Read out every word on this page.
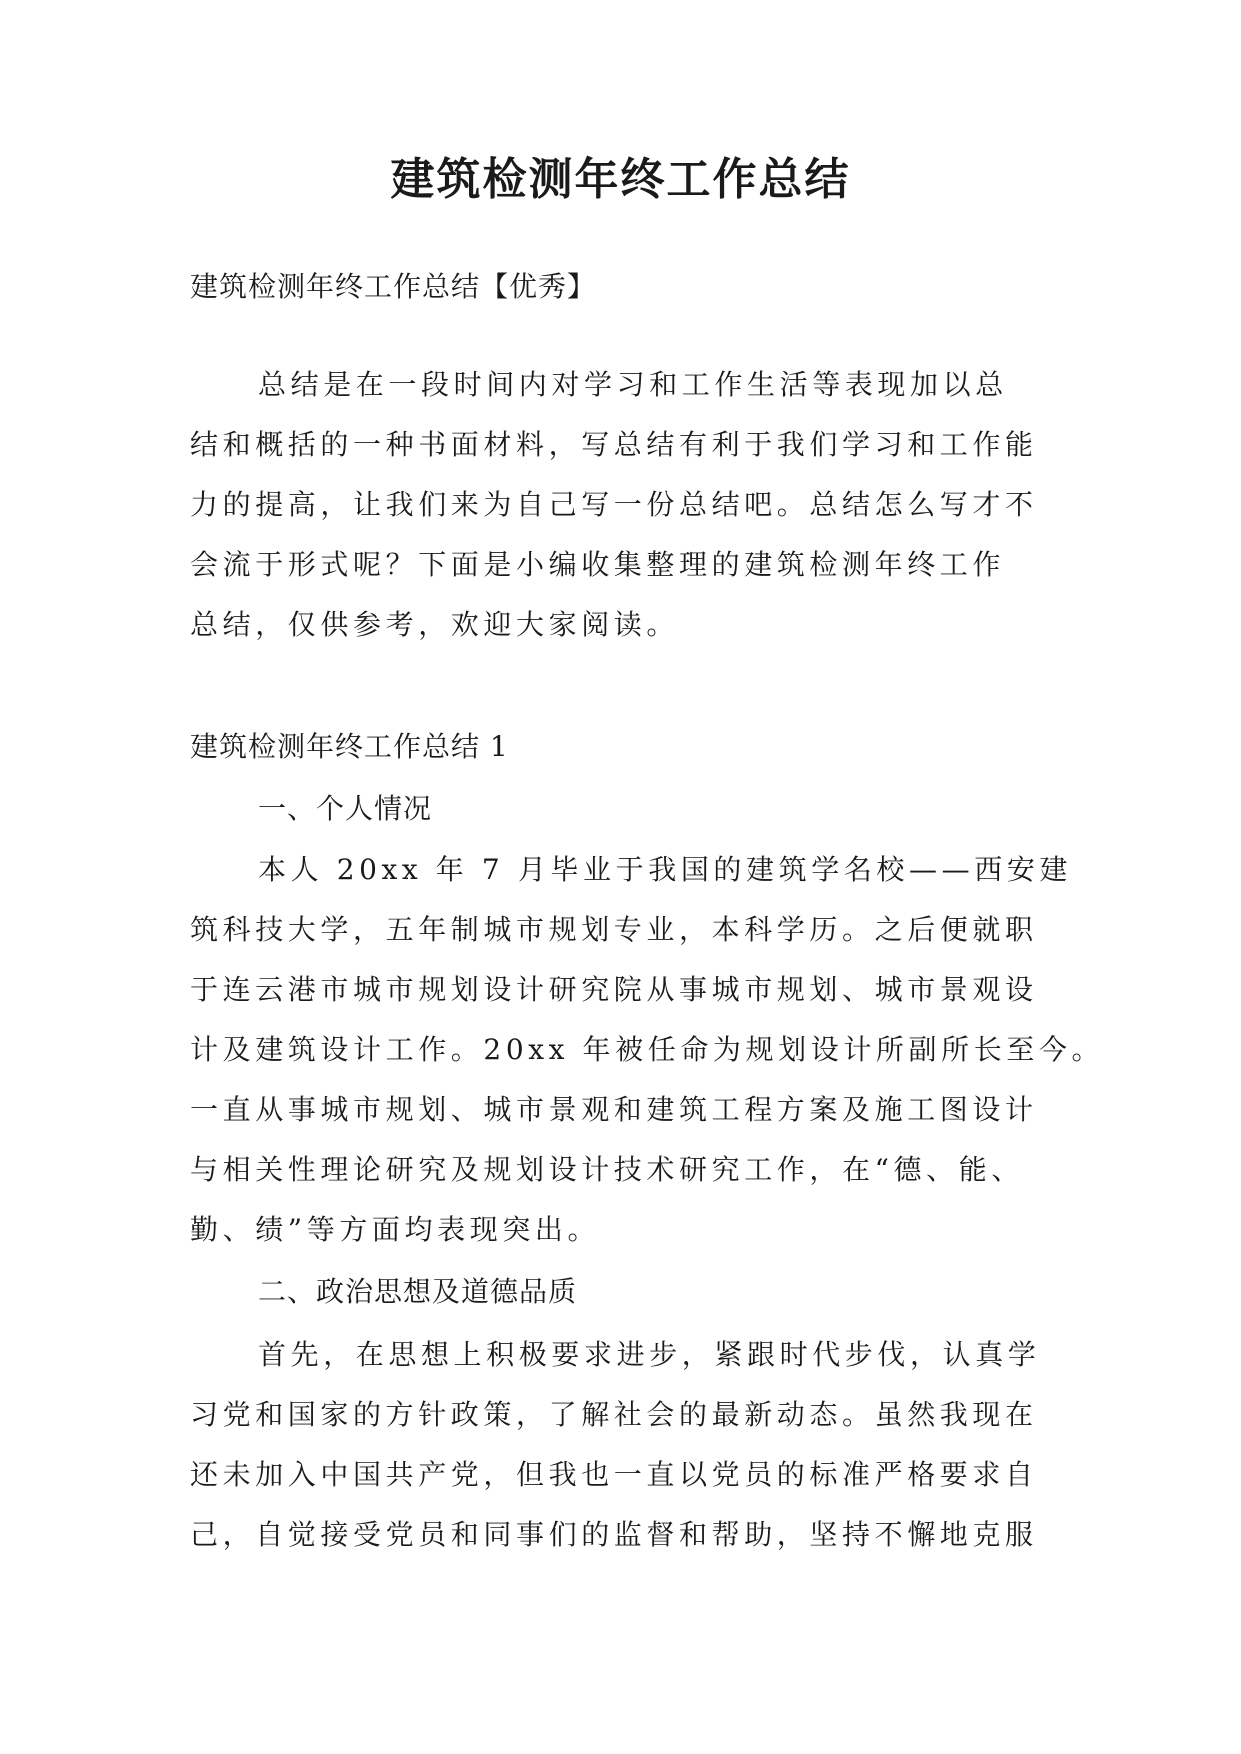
建筑检测年终工作总结
建筑检测年终工作总结【优秀】
总结是在一段时间内对学习和工作生活等表现加以总
结和概括的一种书面材料，写总结有利于我们学习和工作能
力的提高，让我们来为自己写一份总结吧。总结怎么写才不
会流于形式呢？下面是小编收集整理的建筑检测年终工作
总结，仅供参考，欢迎大家阅读。
建筑检测年终工作总结 1
一、个人情况
本人 20xx 年 7 月毕业于我国的建筑学名校——西安建
筑科技大学，五年制城市规划专业，本科学历。之后便就职
于连云港市城市规划设计研究院从事城市规划、城市景观设
计及建筑设计工作。20xx 年被任命为规划设计所副所长至今。
一直从事城市规划、城市景观和建筑工程方案及施工图设计
与相关性理论研究及规划设计技术研究工作，在“德、能、
勤、绩”等方面均表现突出。
二、政治思想及道德品质
首先，在思想上积极要求进步，紧跟时代步伐，认真学
习党和国家的方针政策，了解社会的最新动态。虽然我现在
还未加入中国共产党，但我也一直以党员的标准严格要求自
己，自觉接受党员和同事们的监督和帮助，坚持不懈地克服
